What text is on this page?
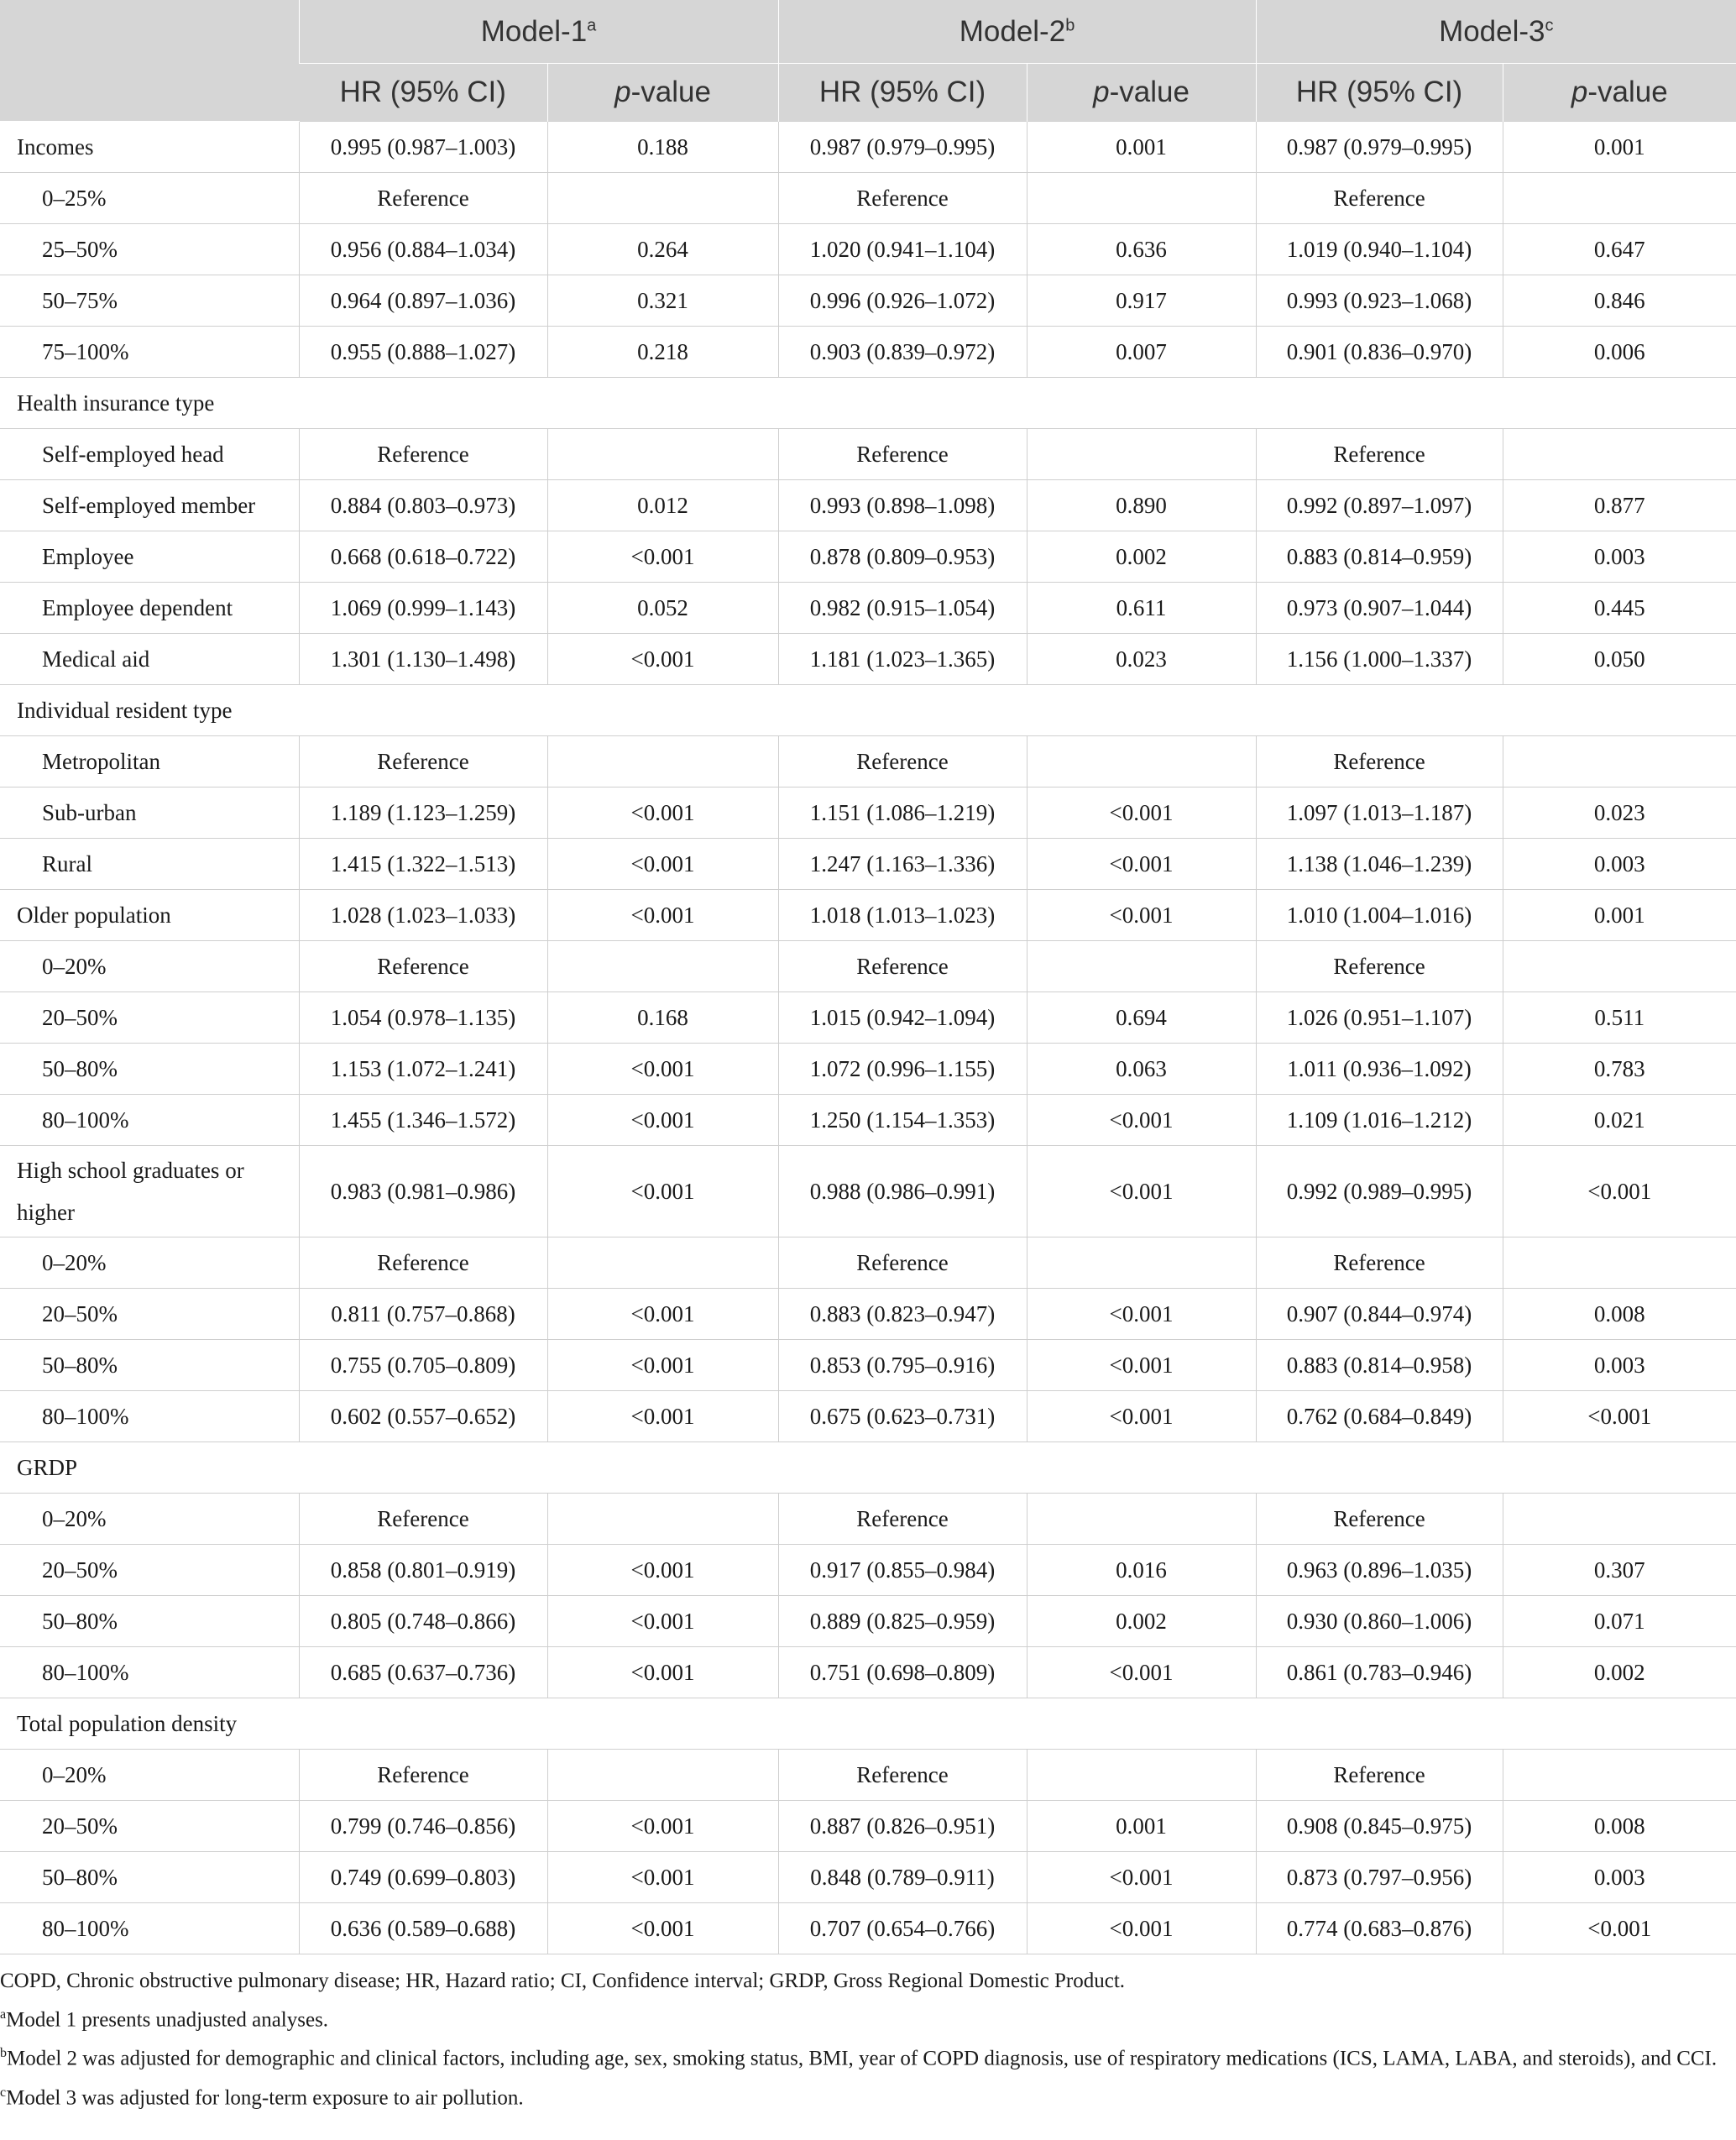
	Model-1$^a$		Model-2$^b$		Model-3$^c$
	HR (95% CI)	p-value	HR (95% CI)	p-value	HR (95% CI)	p-value
Incomes	0.995 (0.987–1.003)	0.188	0.987 (0.979–0.995)	0.001	0.987 (0.979–0.995)	0.001
0–25%	Reference		Reference		Reference	
25–50%	0.956 (0.884–1.034)	0.264	1.020 (0.941–1.104)	0.636	1.019 (0.940–1.104)	0.647
50–75%	0.964 (0.897–1.036)	0.321	0.996 (0.926–1.072)	0.917	0.993 (0.923–1.068)	0.846
75–100%	0.955 (0.888–1.027)	0.218	0.903 (0.839–0.972)	0.007	0.901 (0.836–0.970)	0.006
Health insurance type						
Self-employed head	Reference		Reference		Reference	
Self-employed member	0.884 (0.803–0.973)	0.012	0.993 (0.898–1.098)	0.890	0.992 (0.897–1.097)	0.877
Employee	0.668 (0.618–0.722)	<0.001	0.878 (0.809–0.953)	0.002	0.883 (0.814–0.959)	0.003
Employee dependent	1.069 (0.999–1.143)	0.052	0.982 (0.915–1.054)	0.611	0.973 (0.907–1.044)	0.445
Medical aid	1.301 (1.130–1.498)	<0.001	1.181 (1.023–1.365)	0.023	1.156 (1.000–1.337)	0.050
Individual resident type						
Metropolitan	Reference		Reference		Reference	
Sub-urban	1.189 (1.123–1.259)	<0.001	1.151 (1.086–1.219)	<0.001	1.097 (1.013–1.187)	0.023
Rural	1.415 (1.322–1.513)	<0.001	1.247 (1.163–1.336)	<0.001	1.138 (1.046–1.239)	0.003
Older population	1.028 (1.023–1.033)	<0.001	1.018 (1.013–1.023)	<0.001	1.010 (1.004–1.016)	0.001
0–20%	Reference		Reference		Reference	
20–50%	1.054 (0.978–1.135)	0.168	1.015 (0.942–1.094)	0.694	1.026 (0.951–1.107)	0.511
50–80%	1.153 (1.072–1.241)	<0.001	1.072 (0.996–1.155)	0.063	1.011 (0.936–1.092)	0.783
80–100%	1.455 (1.346–1.572)	<0.001	1.250 (1.154–1.353)	<0.001	1.109 (1.016–1.212)	0.021
High school graduates or higher	0.983 (0.981–0.986)	<0.001	0.988 (0.986–0.991)	<0.001	0.992 (0.989–0.995)	<0.001
0–20%	Reference		Reference		Reference	
20–50%	0.811 (0.757–0.868)	<0.001	0.883 (0.823–0.947)	<0.001	0.907 (0.844–0.974)	0.008
50–80%	0.755 (0.705–0.809)	<0.001	0.853 (0.795–0.916)	<0.001	0.883 (0.814–0.958)	0.003
80–100%	0.602 (0.557–0.652)	<0.001	0.675 (0.623–0.731)	<0.001	0.762 (0.684–0.849)	<0.001
GRDP						
0–20%	Reference		Reference		Reference	
20–50%	0.858 (0.801–0.919)	<0.001	0.917 (0.855–0.984)	0.016	0.963 (0.896–1.035)	0.307
50–80%	0.805 (0.748–0.866)	<0.001	0.889 (0.825–0.959)	0.002	0.930 (0.860–1.006)	0.071
80–100%	0.685 (0.637–0.736)	<0.001	0.751 (0.698–0.809)	<0.001	0.861 (0.783–0.946)	0.002
Total population density						
0–20%	Reference		Reference		Reference	
20–50%	0.799 (0.746–0.856)	<0.001	0.887 (0.826–0.951)	0.001	0.908 (0.845–0.975)	0.008
50–80%	0.749 (0.699–0.803)	<0.001	0.848 (0.789–0.911)	<0.001	0.873 (0.797–0.956)	0.003
80–100%	0.636 (0.589–0.688)	<0.001	0.707 (0.654–0.766)	<0.001	0.774 (0.683–0.876)	<0.001

COPD, Chronic obstructive pulmonary disease; HR, Hazard ratio; CI, Confidence interval; GRDP, Gross Regional Domestic Product.

$^a$Model 1 presents unadjusted analyses.

$^b$Model 2 was adjusted for demographic and clinical factors, including age, sex, smoking status, BMI, year of COPD diagnosis, use of respiratory medications (ICS, LAMA, LABA, and steroids), and CCI.

$^c$Model 3 was adjusted for long-term exposure to air pollution.
